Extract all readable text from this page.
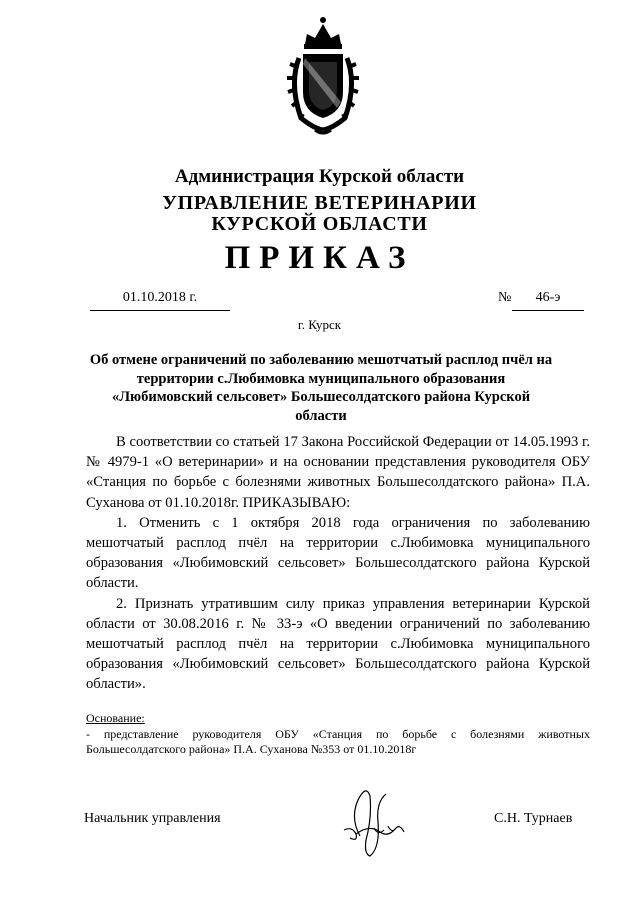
Администрация Курской области
УПРАВЛЕНИЕ ВЕТЕРИНАРИИ
КУРСКОЙ ОБЛАСТИ
ПРИКАЗ
01.10.2018 г.	№	46-э
г. Курск
Об отмене ограничений по заболеванию мешотчатый расплод пчёл на территории с.Любимовка муниципального образования «Любимовский сельсовет» Большесолдатского района Курской области

В соответствии со статьей 17 Закона Российской Федерации от 14.05.1993 г. № 4979-1 «О ветеринарии» и на основании представления руководителя ОБУ «Станция по борьбе с болезнями животных Большесолдатского района» П.А. Суханова от 01.10.2018г. ПРИКАЗЫВАЮ:

1. Отменить с 1 октября 2018 года ограничения по заболеванию мешотчатый расплод пчёл на территории с.Любимовка муниципального образования «Любимовский сельсовет» Большесолдатского района Курской области.

2. Признать утратившим силу приказ управления ветеринарии Курской области от 30.08.2016 г. № 33-э «О введении ограничений по заболеванию мешотчатый расплод пчёл на территории с.Любимовка муниципального образования «Любимовский сельсовет» Большесолдатского района Курской области».

Основание:
- представление руководителя ОБУ «Станция по борьбе с болезнями животных Большесолдатского района» П.А. Суханова №353 от 01.10.2018г
Начальник управления	С.Н. Турнаев
